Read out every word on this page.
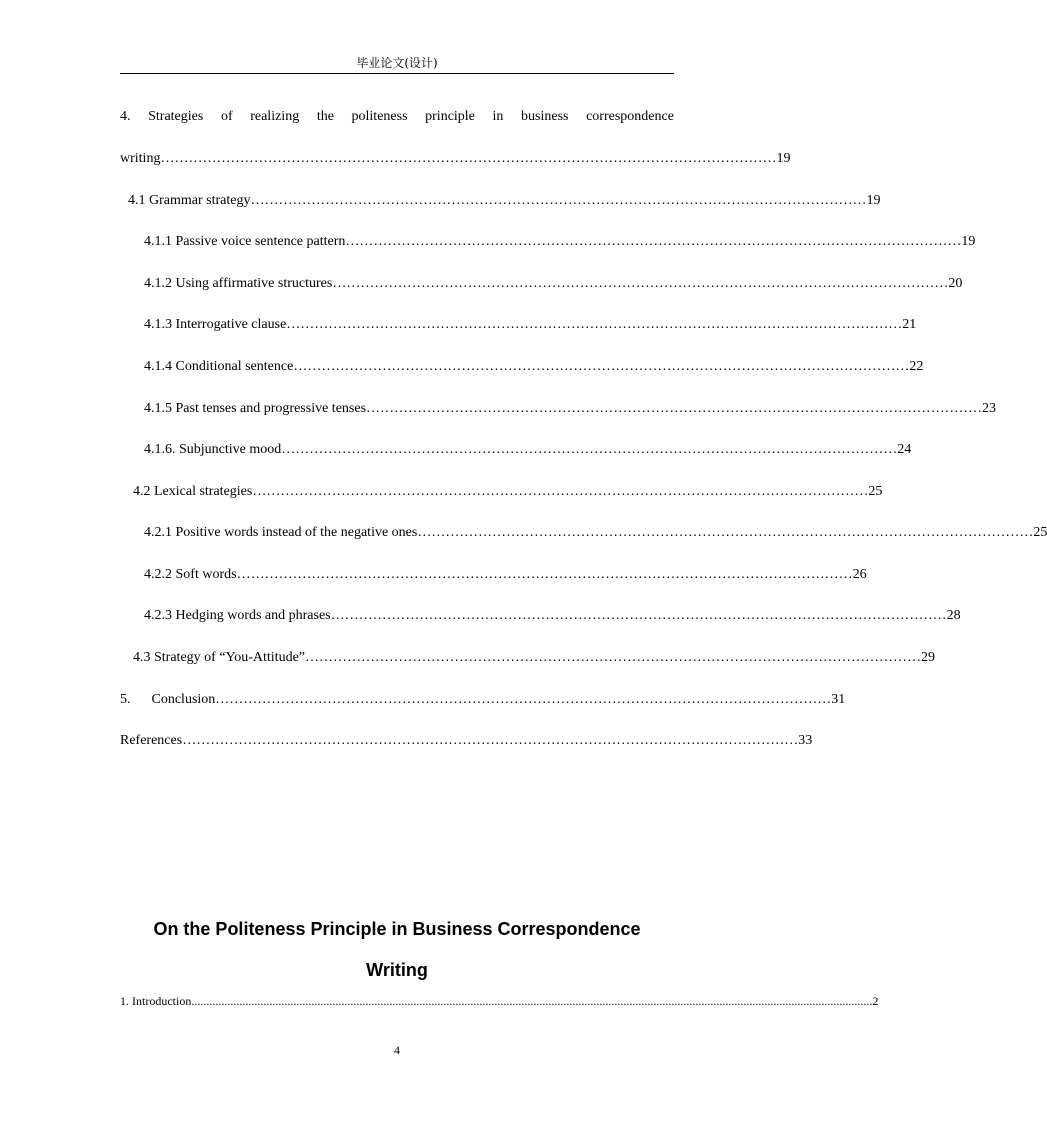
毕业论文(设计)
4. Strategies of realizing the politeness principle in business correspondence
writing …………………………………………………………………………………………………………………… 19
4.1 Grammar strategy …………………………………………………………………………………………………………………… 19
4.1.1 Passive voice sentence pattern …………………………………………………………………………………………………………………… 19
4.1.2 Using affirmative structures …………………………………………………………………………………………………………………… 20
4.1.3 Interrogative clause …………………………………………………………………………………………………………………… 21
4.1.4 Conditional sentence …………………………………………………………………………………………………………………… 22
4.1.5 Past tenses and progressive tenses …………………………………………………………………………………………………………………… 23
4.1.6. Subjunctive mood …………………………………………………………………………………………………………………… 24
4.2 Lexical strategies …………………………………………………………………………………………………………………… 25
4.2.1 Positive words instead of the negative ones …………………………………………………………………………………………………………………… 25
4.2.2 Soft words …………………………………………………………………………………………………………………… 26
4.2.3 Hedging words and phrases …………………………………………………………………………………………………………………… 28
4.3 Strategy of “You-Attitude” …………………………………………………………………………………………………………………… 29
5.      Conclusion …………………………………………………………………………………………………………………… 31
References …………………………………………………………………………………………………………………… 33
On the Politeness Principle in Business Correspondence
Writing
1. Introduction ................................................................................................................................................................................................................................... 2
4
